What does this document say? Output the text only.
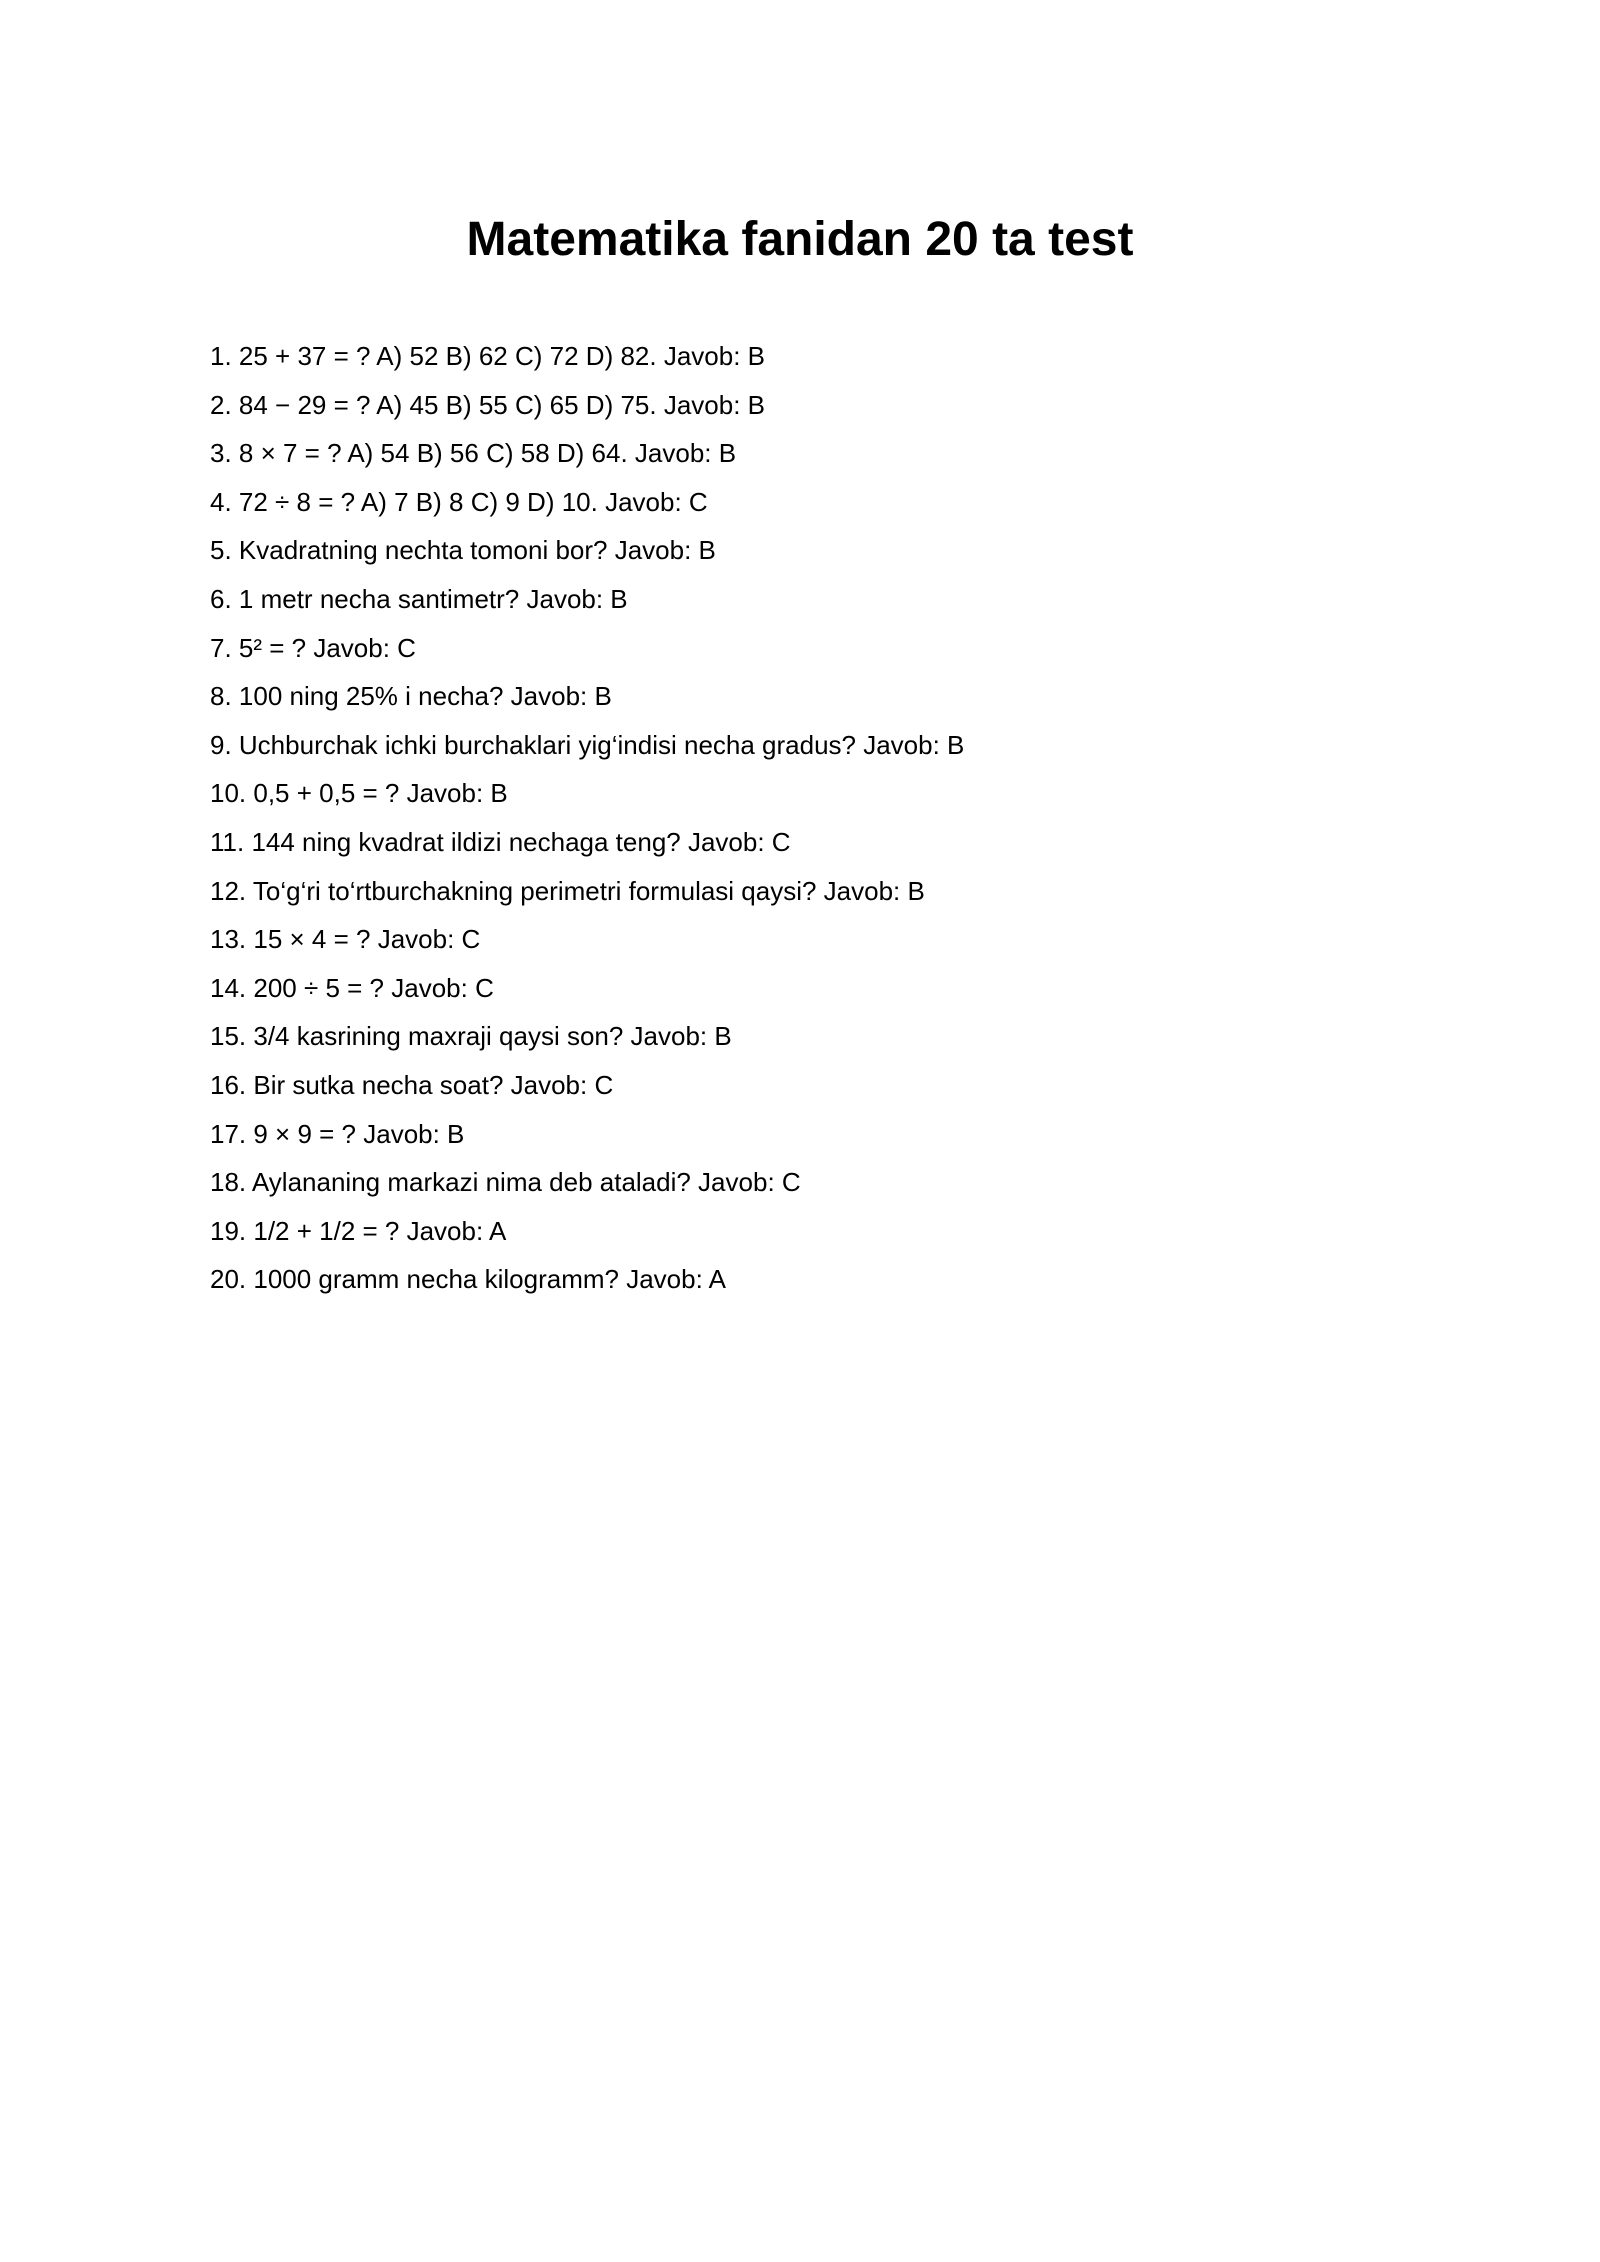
Matematika fanidan 20 ta test
1. 25 + 37 = ? A) 52 B) 62 C) 72 D) 82. Javob: B
2. 84 − 29 = ? A) 45 B) 55 C) 65 D) 75. Javob: B
3. 8 × 7 = ? A) 54 B) 56 C) 58 D) 64. Javob: B
4. 72 ÷ 8 = ? A) 7 B) 8 C) 9 D) 10. Javob: C
5. Kvadratning nechta tomoni bor? Javob: B
6. 1 metr necha santimetr? Javob: B
7. 5² = ? Javob: C
8. 100 ning 25% i necha? Javob: B
9. Uchburchak ichki burchaklari yig‘indisi necha gradus? Javob: B
10. 0,5 + 0,5 = ? Javob: B
11. 144 ning kvadrat ildizi nechaga teng? Javob: C
12. To‘g‘ri to‘rtburchakning perimetri formulasi qaysi? Javob: B
13. 15 × 4 = ? Javob: C
14. 200 ÷ 5 = ? Javob: C
15. 3/4 kasrining maxraji qaysi son? Javob: B
16. Bir sutka necha soat? Javob: C
17. 9 × 9 = ? Javob: B
18. Aylananing markazi nima deb ataladi? Javob: C
19. 1/2 + 1/2 = ? Javob: A
20. 1000 gramm necha kilogramm? Javob: A
